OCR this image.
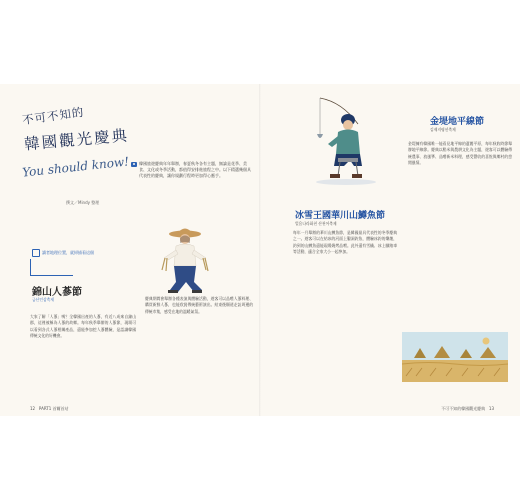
不可不知的
韓國觀光慶典
You should know!
撰文／Mindy 整理
韓國旅遊慶典年年舉辦，春夏秋冬各有主題，無論是花季、美食、文化或冬季活動，都值得安排進旅程之中。以下精選幾個具代表性的慶典，讓你規劃行程時更加得心應手。
讀者地理位置，就掃描看這個
錦山人蔘節
금산인삼축제
大家了解「人蔘」嗎？全韓國出產的人蔘，有近八成來自錦山郡，這裡被稱為人蔘的故鄉。每年秋季舉辦的人蔘節，現場可以看到各式人蔘相關產品，還能參加挖人蔘體驗，是認識韓國傳統文化的好機會。
慶典期間會舉辦各種表演與體驗活動，遊客可以品嚐人蔘料理、購買新鮮人蔘，也能欣賞傳統藝術演出。結束後順道走訪周邊的傳統市集，感受在地的溫暖氣氛。
12 PART1 首爾首站
冰雪王國華川山鱒魚節
얼음나라화천 산천어축제
每年一月舉辦的華川山鱒魚節，是韓國最具代表性的冬季慶典之一。遊客可以在結冰的河面上鑿洞釣魚，體驗冰釣的樂趣，釣到的山鱒魚還能現場燒烤品嚐。此外還有雪橇、冰上腳踏車等活動，適合全家大小一起參加。
金堤地平線節
김제지평선축제
金堤擁有韓國唯一能看見地平線的遼闊平原，每年秋收時節舉辦地平線節。慶典以稻米與農耕文化為主題，遊客可以體驗傳統農事、放風箏、品嚐新米料理，感受豐收的喜悅與鄉村的悠閒風情。
不可不知的韓國觀光慶典 13
